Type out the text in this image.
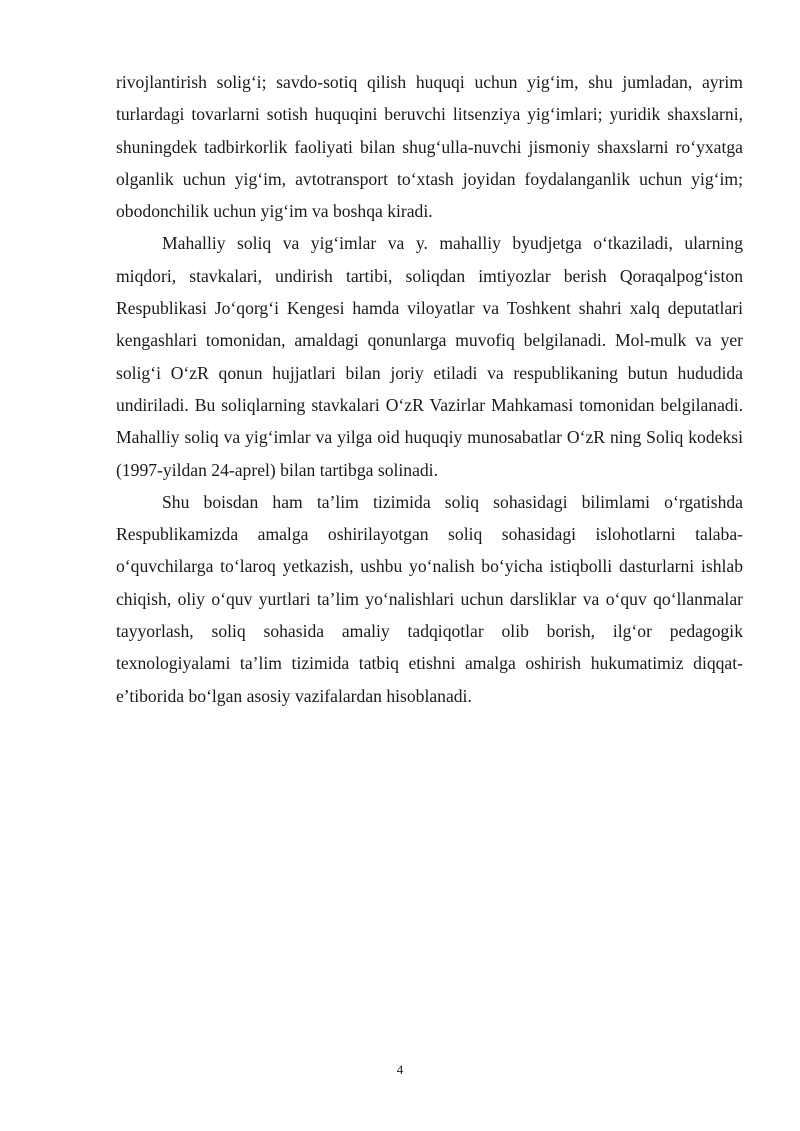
rivojlantirish solig‘i; savdo-sotiq qilish huquqi uchun yig‘im, shu jumladan, ayrim turlardagi tovarlarni sotish huquqini beruvchi litsenziya yig‘imlari; yuridik shaxslarni, shuningdek tadbirkorlik faoliyati bilan shug‘ulla-nuvchi jismoniy shaxslarni ro‘yxatga olganlik uchun yig‘im, avtotransport to‘xtash joyidan foydalanganlik uchun yig‘im; obodonchilik uchun yig‘im va boshqa kiradi.

Mahalliy soliq va yig‘imlar va y. mahalliy byudjetga o‘tkaziladi, ularning miqdori, stavkalari, undirish tartibi, soliqdan imtiyozlar berish Qoraqalpog‘iston Respublikasi Jo‘qorg‘i Kengesi hamda viloyatlar va Toshkent shahri xalq deputatlari kengashlari tomonidan, amaldagi qonunlarga muvofiq belgilanadi. Mol-mulk va yer solig‘i O‘zR qonun hujjatlari bilan joriy etiladi va respublikaning butun hududida undiriladi. Bu soliqlarning stavkalari O‘zR Vazirlar Mahkamasi tomonidan belgilanadi. Mahalliy soliq va yig‘imlar va yilga oid huquqiy munosabatlar O‘zR ning Soliq kodeksi (1997-yildan 24-aprel) bilan tartibga solinadi.

Shu boisdan ham ta’lim tizimida soliq sohasidagi bilimlami o‘rgatishda Respublikamizda amalga oshirilayotgan soliq sohasidagi islohotlarni talaba-o‘quvchilarga to‘laroq yetkazish, ushbu yo‘nalish bo‘yicha istiqbolli dasturlarni ishlab chiqish, oliy o‘quv yurtlari ta’lim yo‘nalishlari uchun darsliklar va o‘quv qo‘llanmalar tayyorlash, soliq sohasida amaliy tadqiqotlar olib borish, ilg‘or pedagogik texnologiyalami ta’lim tizimida tatbiq etishni amalga oshirish hukumatimiz diqqat-e’tiborida bo‘lgan asosiy vazifalardan hisoblanadi.

4
